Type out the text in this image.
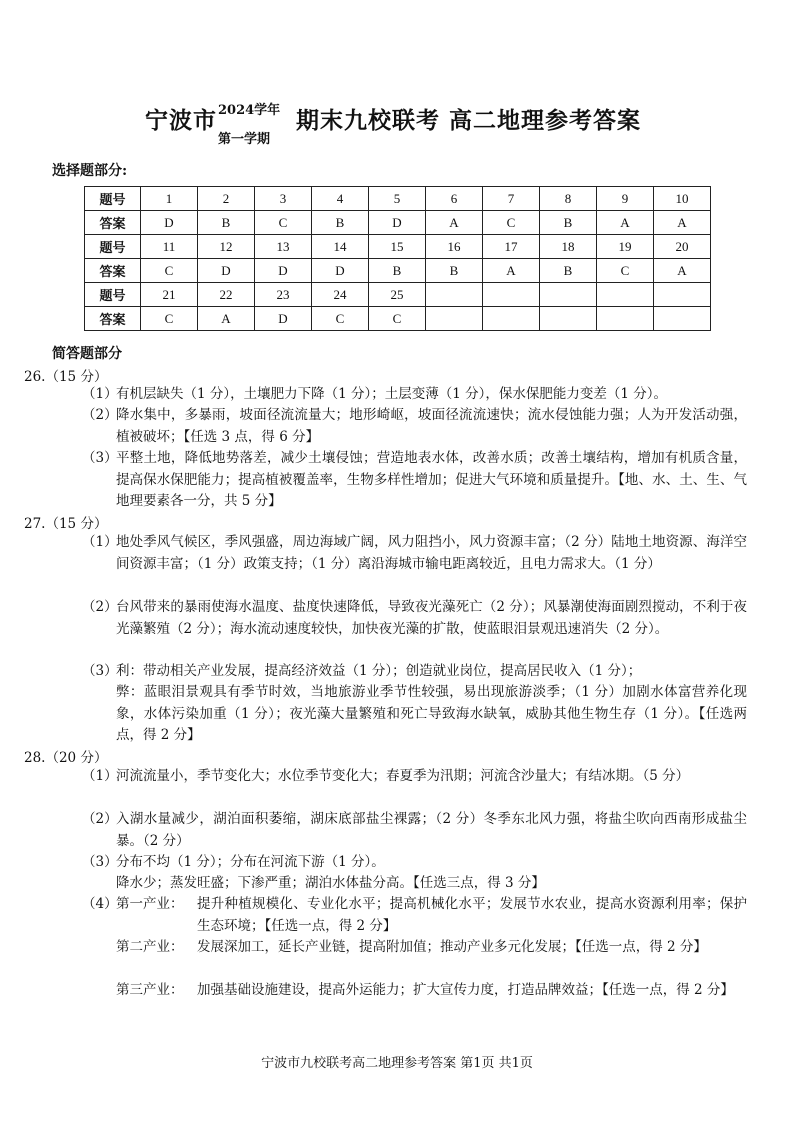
宁波市 2024学年
第一学期
期末九校联考 高二地理参考答案
选择题部分:
题号	1	2	3	4	5	6	7	8	9	10
答案	D	B	C	B	D	A	C	B	A	A
题号	11	12	13	14	15	16	17	18	19	20
答案	C	D	D	D	B	B	A	B	C	A
题号	21	22	23	24	25					
答案	C	A	D	C	C					
简答题部分
26.（15 分）
（1）
有机层缺失（1 分），土壤肥力下降（1 分）；土层变薄（1 分），保水保肥能力变差（1 分）。
（2）
降水集中，多暴雨，坡面径流流量大；地形崎岖，坡面径流流速快；流水侵蚀能力强；人为开发活动强，植被破坏；【任选 3 点，得 6 分】
（3）
平整土地，降低地势落差，减少土壤侵蚀；营造地表水体，改善水质；改善土壤结构，增加有机质含量，提高保水保肥能力；提高植被覆盖率，生物多样性增加；促进大气环境和质量提升。【地、水、土、生、气地理要素各一分，共 5 分】
27.（15 分）
（1）
地处季风气候区，季风强盛，周边海域广阔，风力阻挡小，风力资源丰富；（2 分）陆地土地资源、海洋空间资源丰富；（1 分）政策支持；（1 分）离沿海城市输电距离较近，且电力需求大。（1 分）
（2）
台风带来的暴雨使海水温度、盐度快速降低，导致夜光藻死亡（2 分）；风暴潮使海面剧烈搅动，不利于夜光藻繁殖（2 分）；海水流动速度较快，加快夜光藻的扩散，使蓝眼泪景观迅速消失（2 分）。
（3）
利：带动相关产业发展，提高经济效益（1 分）；创造就业岗位，提高居民收入（1 分）；
弊：蓝眼泪景观具有季节时效，当地旅游业季节性较强，易出现旅游淡季；（1 分）加剧水体富营养化现象，水体污染加重（1 分）；夜光藻大量繁殖和死亡导致海水缺氧，威胁其他生物生存（1 分）。【任选两点，得 2 分】
28.（20 分）
（1）
河流流量小，季节变化大；水位季节变化大；春夏季为汛期；河流含沙量大；有结冰期。（5 分）
（2）
入湖水量减少，湖泊面积萎缩，湖床底部盐尘裸露；（2 分）冬季东北风力强，将盐尘吹向西南形成盐尘暴。（2 分）
（3）
分布不均（1 分）；分布在河流下游（1 分）。
降水少；蒸发旺盛；下渗严重；湖泊水体盐分高。【任选三点，得 3 分】
（4）
第一产业： 提升种植规模化、专业化水平；提高机械化水平；发展节水农业，提高水资源利用率；保护生态环境；【任选一点，得 2 分】
第二产业： 发展深加工，延长产业链，提高附加值；推动产业多元化发展；【任选一点，得 2 分】
第三产业： 加强基础设施建设，提高外运能力；扩大宣传力度，打造品牌效益；【任选一点，得 2 分】
宁波市九校联考高二地理参考答案 第1页 共1页
